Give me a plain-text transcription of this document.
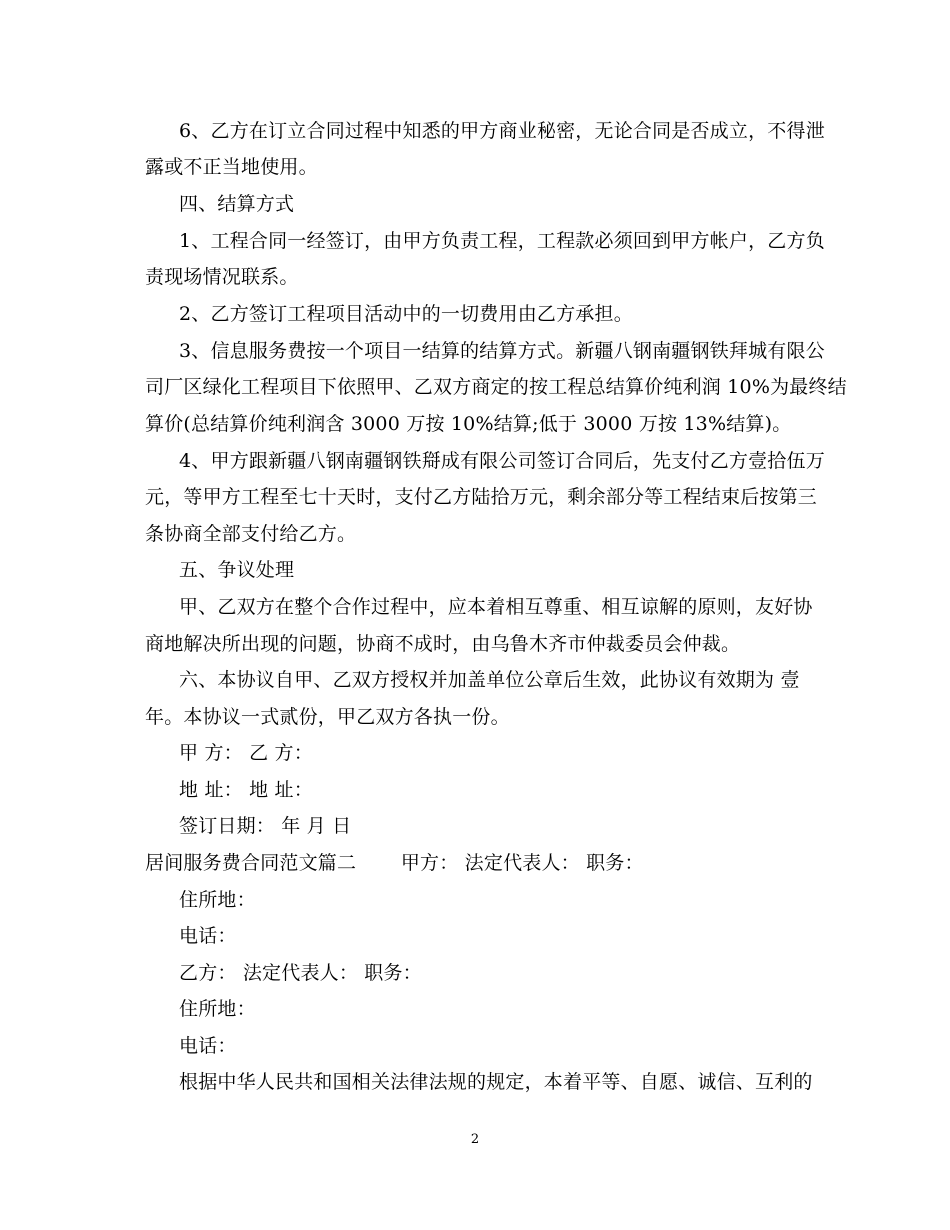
6、乙方在订立合同过程中知悉的甲方商业秘密，无论合同是否成立，不得泄
露或不正当地使用。
四、结算方式
1、工程合同一经签订，由甲方负责工程，工程款必须回到甲方帐户，乙方负
责现场情况联系。
2、乙方签订工程项目活动中的一切费用由乙方承担。
3、信息服务费按一个项目一结算的结算方式。新疆八钢南疆钢铁拜城有限公
司厂区绿化工程项目下依照甲、乙双方商定的按工程总结算价纯利润 10%为最终结
算价(总结算价纯利润含 3000 万按 10%结算;低于 3000 万按 13%结算)。
4、甲方跟新疆八钢南疆钢铁搿成有限公司签订合同后，先支付乙方壹拾伍万
元，等甲方工程至七十天时，支付乙方陆拾万元，剩余部分等工程结束后按第三
条协商全部支付给乙方。
五、争议处理
甲、乙双方在整个合作过程中，应本着相互尊重、相互谅解的原则，友好协
商地解决所出现的问题，协商不成时，由乌鲁木齐市仲裁委员会仲裁。
六、本协议自甲、乙双方授权并加盖单位公章后生效，此协议有效期为 壹
年。本协议一式贰份，甲乙双方各执一份。
甲 方： 乙 方：
地 址： 地 址：
签订日期： 年 月 日
居间服务费合同范文篇二　　 甲方： 法定代表人： 职务：
住所地：
电话：
乙方： 法定代表人： 职务：
住所地：
电话：
根据中华人民共和国相关法律法规的规定，本着平等、自愿、诚信、互利的
2
